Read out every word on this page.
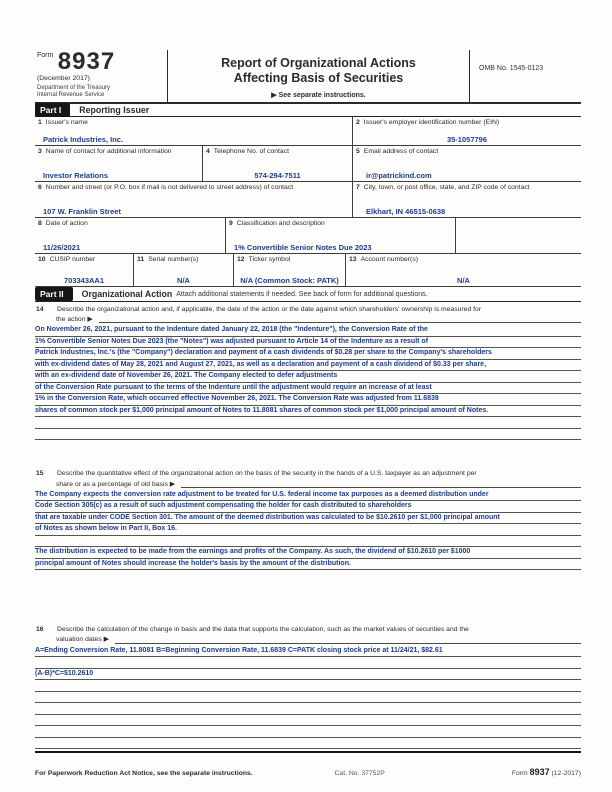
$^{Form}$ 8937
(December 2017)
Department of the Treasury
Internal Revenue Service
Report of Organizational Actions
Affecting Basis of Securities
▶ See separate instructions.
OMB No. 1545-0123
Part I	Reporting Issuer
1 Issuer's name
Patrick Industries, Inc.
2 Issuer's employer identification number (EIN)
35-1057796
3 Name of contact for additional information
Investor Relations
4 Telephone No. of contact
574-294-7511
5 Email address of contact
ir@patrickind.com
6 Number and street (or P.O. box if mail is not delivered to street address) of contact
107 W. Franklin Street
7 City, town, or post office, state, and ZIP code of contact
Elkhart, IN 46515-0638
8 Date of action
11/26/2021
9 Classification and description
1% Convertible Senior Notes Due 2023
10 CUSIP number
703343AA1
11 Serial number(s)
N/A
12 Ticker symbol
N/A (Common Stock: PATK)
13 Account number(s)
N/A
Part II	Organizational Action Attach additional statements if needed. See back of form for additional questions.
14	Describe the organizational action and, if applicable, the date of the action or the date against which shareholders' ownership is measured for
the action ▶
On November 26, 2021, pursuant to the Indenture dated January 22, 2018 (the "Indenture"), the Conversion Rate of the
1% Convertible Senior Notes Due 2023 (the "Notes") was adjusted pursuant to Article 14 of the Indenture as a result of
Patrick Industries, Inc.'s (the "Company") declaration and payment of a cash dividends of $0.28 per share to the Company's shareholders
with ex-dividend dates of May 28, 2021 and August 27, 2021, as well as a declaration and payment of a cash dividend of $0.33 per share,
with an ex-dividend date of November 26, 2021. The Company elected to defer adjustments
of the Conversion Rate pursuant to the terms of the Indenture until the adjustment would require an increase of at least
1% in the Conversion Rate, which occurred effective November 26, 2021. The Conversion Rate was adjusted from 11.6839
shares of common stock per $1,000 principal amount of Notes to 11.8081 shares of common stock per $1,000 principal amount of Notes.
15	Describe the quantitative effect of the organizational action on the basis of the security in the hands of a U.S. taxpayer as an adjustment per
share or as a percentage of old basis ▶
The Company expects the conversion rate adjustment to be treated for U.S. federal income tax purposes as a deemed distribution under
Code Section 305(c) as a result of such adjustment compensating the holder for cash distributed to shareholders
that are taxable under CODE Section 301. The amount of the deemed distribution was calculated to be $10.2610 per $1,000 principal amount
of Notes as shown below in Part II, Box 16.
The distribution is expected to be made from the earnings and profits of the Company. As such, the dividend of $10.2610 per $1000
principal amount of Notes should increase the holder's basis by the amount of the distribution.
16	Describe the calculation of the change in basis and the data that supports the calculation, such as the market values of securities and the
valuation dates ▶
A=Ending Conversion Rate, 11.8081 B=Beginning Conversion Rate, 11.6839 C=PATK closing stock price at 11/24/21, $82.61
(A-B)*C=$10.2610
For Paperwork Reduction Act Notice, see the separate instructions.	Cat. No. 37752P	Form 8937 (12-2017)
